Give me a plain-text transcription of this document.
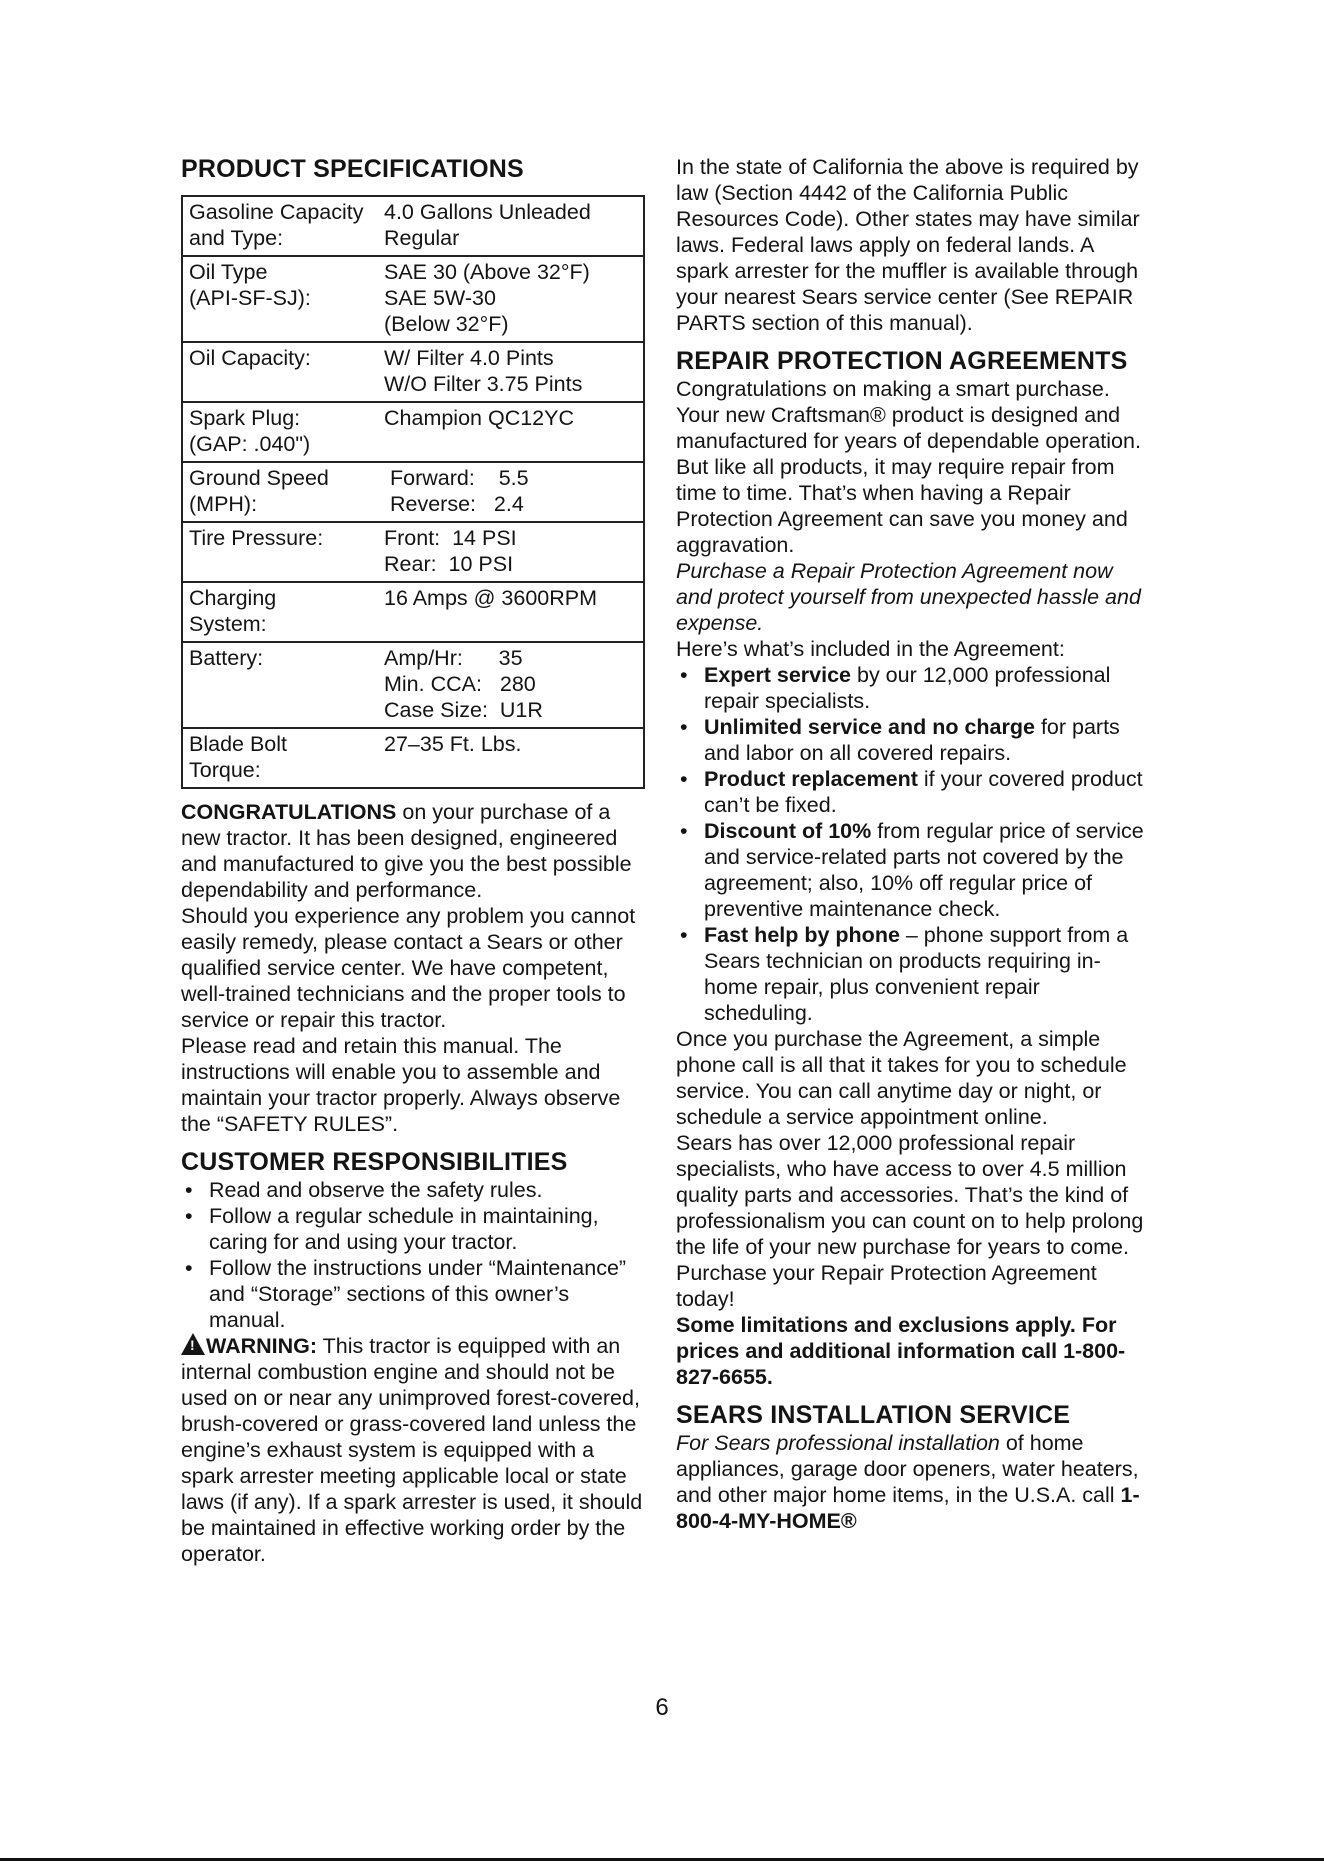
PRODUCT SPECIFICATIONS
Gasoline Capacity and Type:	4.0 Gallons Unleaded
Regular
Oil Type
(API-SF-SJ):	SAE 30 (Above 32°F)
SAE 5W-30
(Below 32°F)
Oil Capacity:	W/ Filter 4.0 Pints
W/O Filter 3.75 Pints
Spark Plug:
(GAP: .040")	Champion QC12YC
Ground Speed
(MPH):	Forward:    5.5
Reverse:   2.4
Tire Pressure:	Front:  14 PSI
Rear:  10 PSI
Charging
System:	16 Amps @ 3600RPM
Battery:	Amp/Hr:      35
Min. CCA:   280
Case Size:  U1R
Blade Bolt
Torque:	27–35 Ft. Lbs.

CONGRATULATIONS on your purchase of a new tractor. It has been designed, engineered and manufactured to give you the best possible dependability and performance.

Should you experience any problem you cannot easily remedy, please contact a Sears or other qualified service center. We have competent, well-trained technicians and the proper tools to service or repair this tractor.

Please read and retain this manual. The instructions will enable you to assemble and maintain your tractor properly. Always observe the “SAFETY RULES”.

CUSTOMER RESPONSIBILITIES
• Read and observe the safety rules.
• Follow a regular schedule in maintaining, caring for and using your tractor.
• Follow the instructions under “Maintenance” and “Storage” sections of this owner’s manual.

! WARNING: This tractor is equipped with an internal combustion engine and should not be used on or near any unimproved forest-covered, brush-covered or grass-covered land unless the engine’s exhaust system is equipped with a spark arrester meeting applicable local or state laws (if any). If a spark arrester is used, it should be maintained in effective working order by the operator.

In the state of California the above is required by law (Section 4442 of the California Public Resources Code). Other states may have similar laws. Federal laws apply on federal lands. A spark arrester for the muffler is available through your nearest Sears service center (See REPAIR PARTS section of this manual).

REPAIR PROTECTION AGREEMENTS

Congratulations on making a smart purchase. Your new Craftsman® product is designed and manufactured for years of dependable operation. But like all products, it may require repair from time to time. That’s when having a Repair Protection Agreement can save you money and aggravation.

Purchase a Repair Protection Agreement now and protect yourself from unexpected hassle and expense.

Here’s what’s included in the Agreement:

• Expert service by our 12,000 professional repair specialists.
• Unlimited service and no charge for parts and labor on all covered repairs.
• Product replacement if your covered product can’t be fixed.
• Discount of 10% from regular price of service and service-related parts not covered by the agreement; also, 10% off regular price of preventive maintenance check.
• Fast help by phone – phone support from a Sears technician on products requiring in-home repair, plus convenient repair scheduling.

Once you purchase the Agreement, a simple phone call is all that it takes for you to schedule service. You can call anytime day or night, or schedule a service appointment online.

Sears has over 12,000 professional repair specialists, who have access to over 4.5 million quality parts and accessories. That’s the kind of professionalism you can count on to help prolong the life of your new purchase for years to come. Purchase your Repair Protection Agreement today!

Some limitations and exclusions apply. For prices and additional information call 1-800-827-6655.

SEARS INSTALLATION SERVICE

For Sears professional installation of home appliances, garage door openers, water heaters, and other major home items, in the U.S.A. call 1-800-4-MY-HOME®

6
